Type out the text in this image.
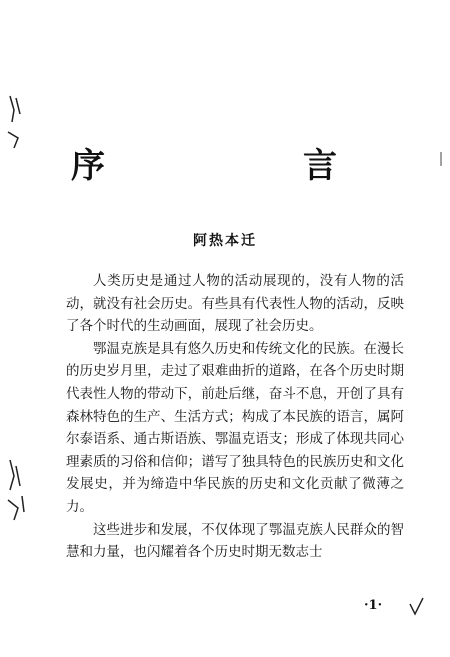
序　言
阿热本迁

人类历史是通过人物的活动展现的，没有人物的活动，就没有社会历史。有些具有代表性人物的活动，反映了各个时代的生动画面，展现了社会历史。

鄂温克族是具有悠久历史和传统文化的民族。在漫长的历史岁月里，走过了艰难曲折的道路，在各个历史时期代表性人物的带动下，前赴后继，奋斗不息，开创了具有森林特色的生产、生活方式；构成了本民族的语言，属阿尔泰语系、通古斯语族、鄂温克语支；形成了体现共同心理素质的习俗和信仰；谱写了独具特色的民族历史和文化发展史，并为缔造中华民族的历史和文化贡献了微薄之力。

这些进步和发展，不仅体现了鄂温克族人民群众的智慧和力量，也闪耀着各个历史时期无数志士

·1·
